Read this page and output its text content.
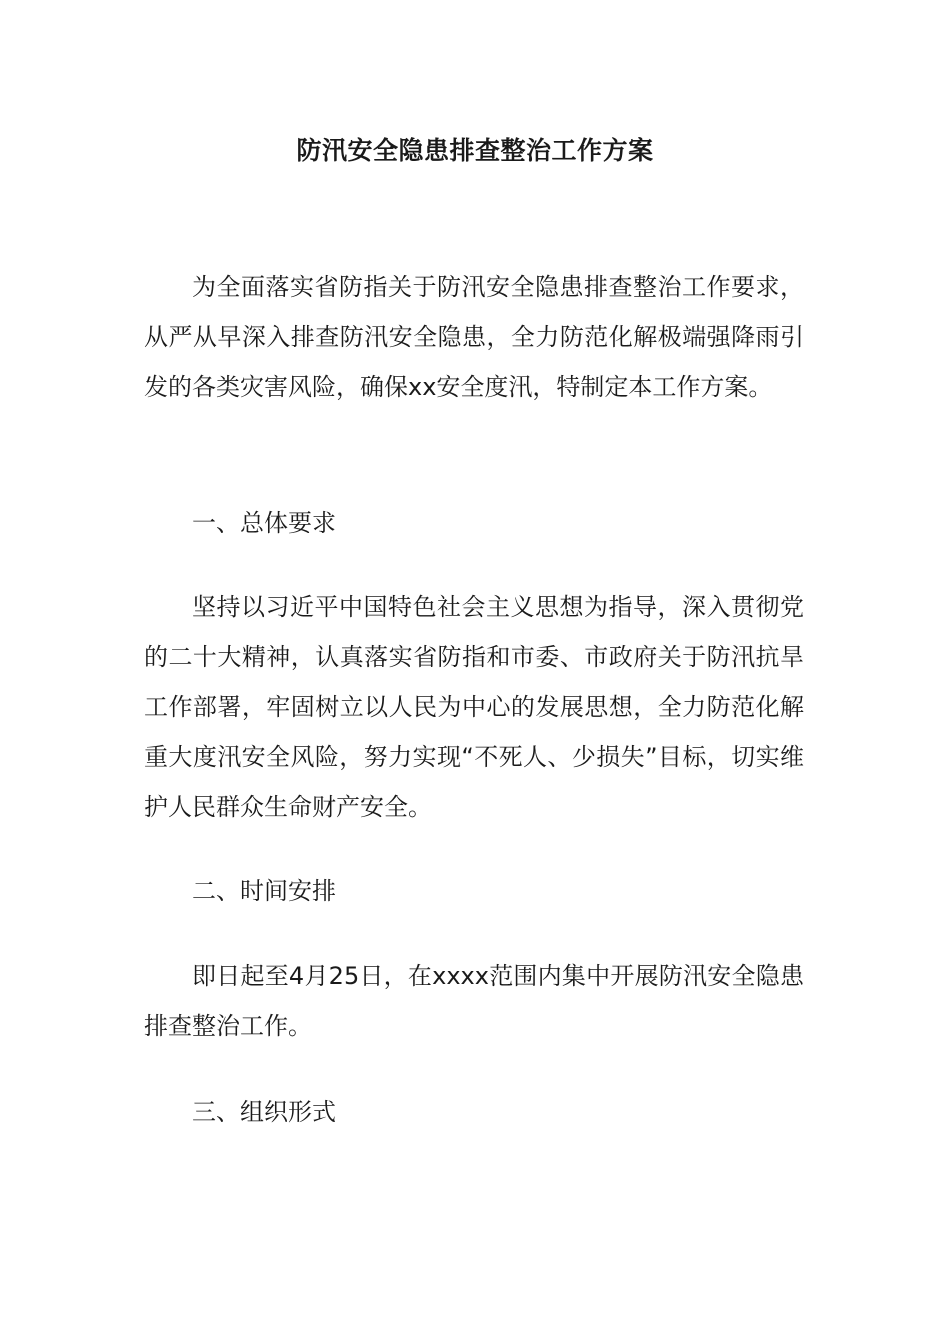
防汛安全隐患排查整治工作方案

为全面落实省防指关于防汛安全隐患排查整治工作要求，从严从早深入排查防汛安全隐患，全力防范化解极端强降雨引发的各类灾害风险，确保xx安全度汛，特制定本工作方案。

一、总体要求

坚持以习近平中国特色社会主义思想为指导，深入贯彻党的二十大精神，认真落实省防指和市委、市政府关于防汛抗旱工作部署，牢固树立以人民为中心的发展思想，全力防范化解重大度汛安全风险，努力实现“不死人、少损失”目标，切实维护人民群众生命财产安全。

二、时间安排

即日起至4月25日，在xxxx范围内集中开展防汛安全隐患排查整治工作。

三、组织形式
